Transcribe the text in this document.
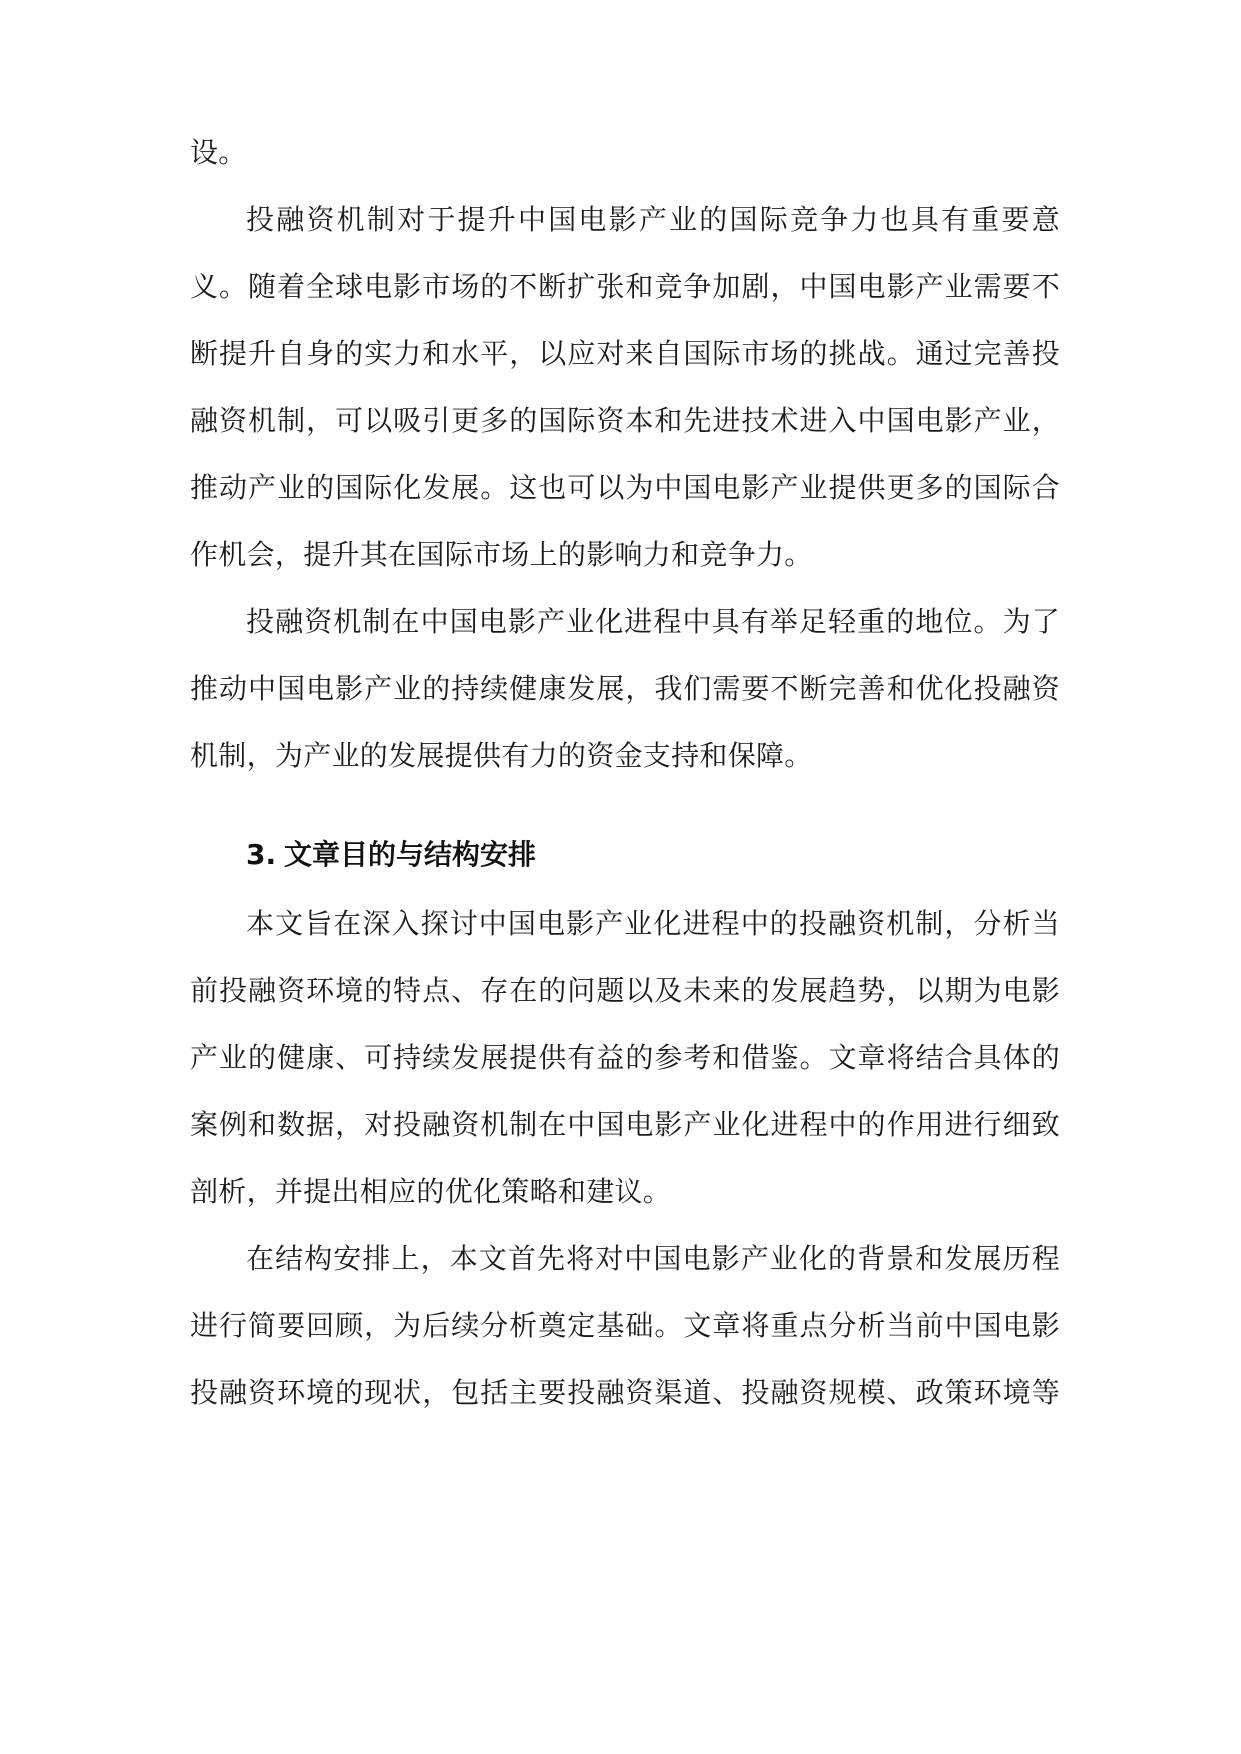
设。
投融资机制对于提升中国电影产业的国际竞争力也具有重要意
义。随着全球电影市场的不断扩张和竞争加剧，中国电影产业需要不
断提升自身的实力和水平，以应对来自国际市场的挑战。通过完善投
融资机制，可以吸引更多的国际资本和先进技术进入中国电影产业，
推动产业的国际化发展。这也可以为中国电影产业提供更多的国际合
作机会，提升其在国际市场上的影响力和竞争力。
投融资机制在中国电影产业化进程中具有举足轻重的地位。为了
推动中国电影产业的持续健康发展，我们需要不断完善和优化投融资
机制，为产业的发展提供有力的资金支持和保障。
3. 文章目的与结构安排
本文旨在深入探讨中国电影产业化进程中的投融资机制，分析当
前投融资环境的特点、存在的问题以及未来的发展趋势，以期为电影
产业的健康、可持续发展提供有益的参考和借鉴。文章将结合具体的
案例和数据，对投融资机制在中国电影产业化进程中的作用进行细致
剖析，并提出相应的优化策略和建议。
在结构安排上，本文首先将对中国电影产业化的背景和发展历程
进行简要回顾，为后续分析奠定基础。文章将重点分析当前中国电影
投融资环境的现状，包括主要投融资渠道、投融资规模、政策环境等
